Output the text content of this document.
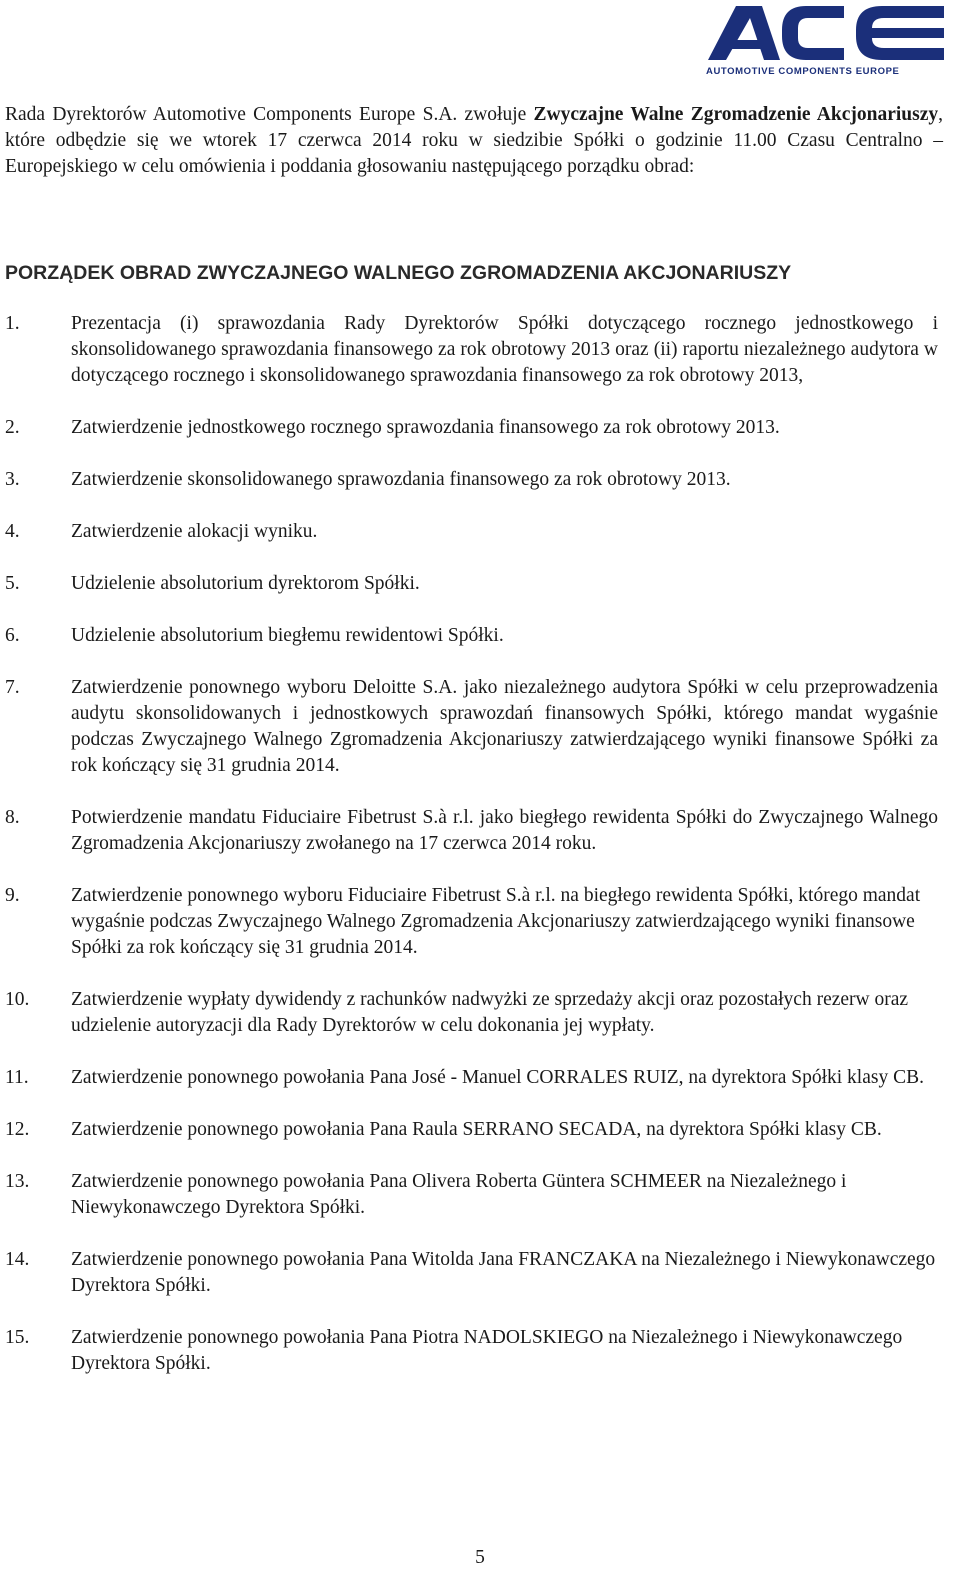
AUTOMOTIVE COMPONENTS EUROPE
Rada Dyrektorów Automotive Components Europe S.A. zwołuje Zwyczajne Walne Zgromadzenie Akcjonariuszy, które odbędzie się we wtorek 17 czerwca 2014 roku w siedzibie Spółki o godzinie 11.00 Czasu Centralno – Europejskiego w celu omówienia i poddania głosowaniu następującego porządku obrad:
PORZĄDEK OBRAD ZWYCZAJNEGO WALNEGO ZGROMADZENIA AKCJONARIUSZY
1.	Prezentacja (i) sprawozdania Rady Dyrektorów Spółki dotyczącego rocznego jednostkowego i skonsolidowanego sprawozdania finansowego za rok obrotowy 2013 oraz (ii) raportu niezależnego audytora w dotyczącego rocznego i skonsolidowanego sprawozdania finansowego za rok obrotowy 2013,
2.	Zatwierdzenie jednostkowego rocznego sprawozdania finansowego za rok obrotowy 2013.
3.	Zatwierdzenie skonsolidowanego sprawozdania finansowego za rok obrotowy 2013.
4.	Zatwierdzenie alokacji wyniku.
5.	Udzielenie absolutorium dyrektorom Spółki.
6.	Udzielenie absolutorium biegłemu rewidentowi Spółki.
7.	Zatwierdzenie ponownego wyboru Deloitte S.A. jako niezależnego audytora Spółki w celu przeprowadzenia audytu skonsolidowanych i jednostkowych sprawozdań finansowych Spółki, którego mandat wygaśnie podczas Zwyczajnego Walnego Zgromadzenia Akcjonariuszy zatwierdzającego wyniki finansowe Spółki za rok kończący się 31 grudnia 2014.
8.	Potwierdzenie mandatu Fiduciaire Fibetrust S.à r.l. jako biegłego rewidenta Spółki do Zwyczajnego Walnego Zgromadzenia Akcjonariuszy zwołanego na 17 czerwca 2014 roku.
9.	Zatwierdzenie ponownego wyboru Fiduciaire Fibetrust S.à r.l. na biegłego rewidenta Spółki, którego mandat wygaśnie podczas Zwyczajnego Walnego Zgromadzenia Akcjonariuszy zatwierdzającego wyniki finansowe Spółki za rok kończący się 31 grudnia 2014.
10.	Zatwierdzenie wypłaty dywidendy z rachunków nadwyżki ze sprzedaży akcji oraz pozostałych rezerw oraz udzielenie autoryzacji dla Rady Dyrektorów w celu dokonania jej wypłaty.
11.	Zatwierdzenie ponownego powołania Pana José - Manuel CORRALES RUIZ, na dyrektora Spółki klasy CB.
12.	Zatwierdzenie ponownego powołania Pana Raula SERRANO SECADA, na dyrektora Spółki klasy CB.
13.	Zatwierdzenie ponownego powołania Pana Olivera Roberta Güntera SCHMEER na Niezależnego i Niewykonawczego Dyrektora Spółki.
14.	Zatwierdzenie ponownego powołania Pana Witolda Jana FRANCZAKA na Niezależnego i Niewykonawczego Dyrektora Spółki.
15.	Zatwierdzenie ponownego powołania Pana Piotra NADOLSKIEGO na Niezależnego i Niewykonawczego Dyrektora Spółki.
5
